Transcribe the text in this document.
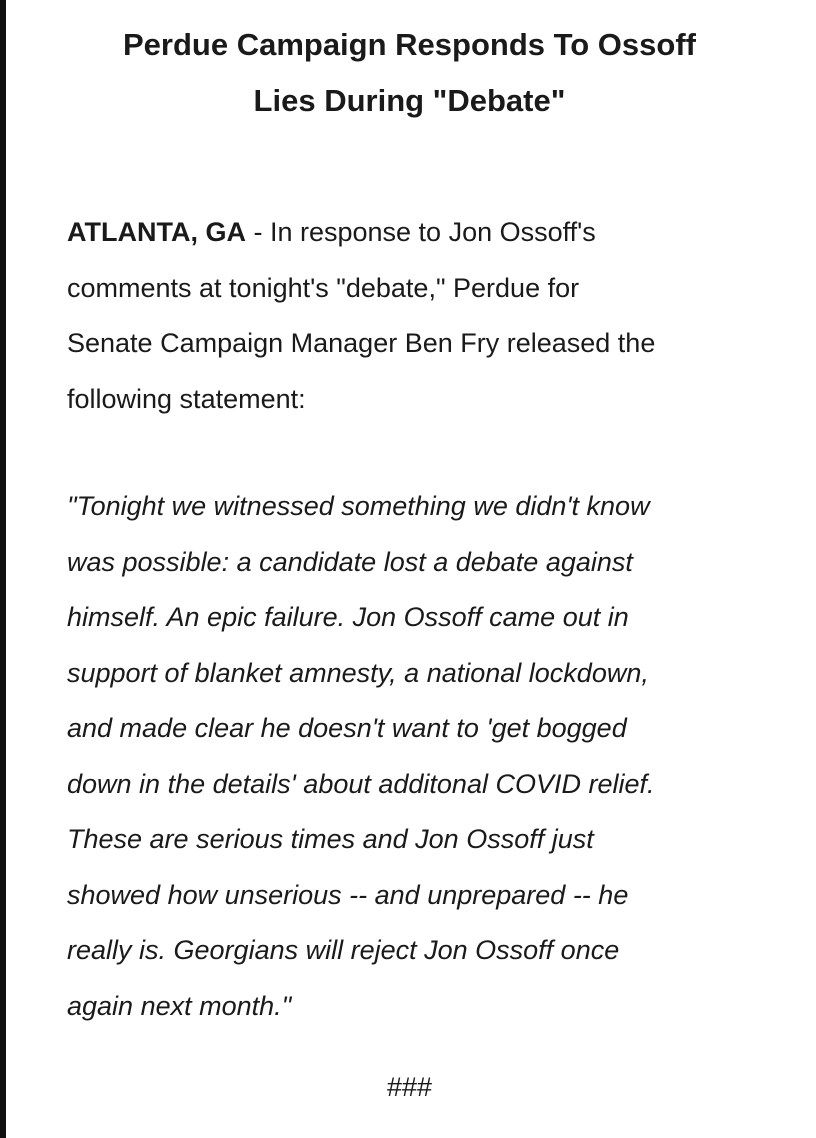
Perdue Campaign Responds To Ossoff
Lies During "Debate"

ATLANTA, GA - In response to Jon Ossoff's
comments at tonight's "debate," Perdue for
Senate Campaign Manager Ben Fry released the
following statement:

"Tonight we witnessed something we didn't know
was possible: a candidate lost a debate against
himself. An epic failure. Jon Ossoff came out in
support of blanket amnesty, a national lockdown,
and made clear he doesn't want to 'get bogged
down in the details' about additonal COVID relief.
These are serious times and Jon Ossoff just
showed how unserious -- and unprepared -- he
really is. Georgians will reject Jon Ossoff once
again next month."

###
